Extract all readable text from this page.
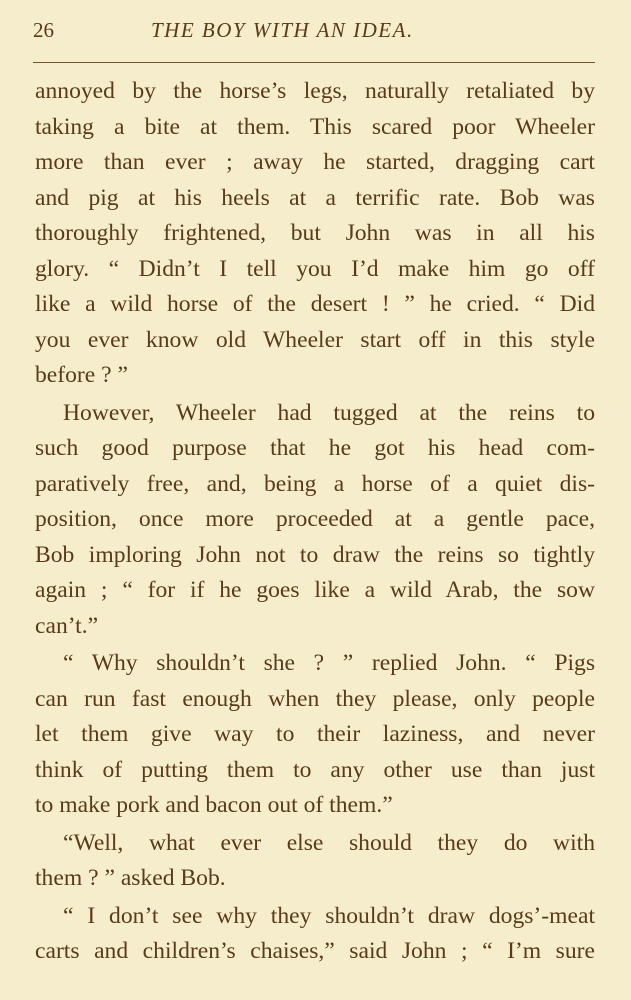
26	THE BOY WITH AN IDEA.
annoyed by the horse’s legs, naturally retaliated by
taking a bite at them. This scared poor Wheeler
more than ever ; away he started, dragging cart
and pig at his heels at a terrific rate. Bob was
thoroughly frightened, but John was in all his
glory. “ Didn’t I tell you I’d make him go off
like a wild horse of the desert ! ” he cried. “ Did
you ever know old Wheeler start off in this style
before ? ”
However, Wheeler had tugged at the reins to
such good purpose that he got his head com-
paratively free, and, being a horse of a quiet dis-
position, once more proceeded at a gentle pace,
Bob imploring John not to draw the reins so tightly
again ; “ for if he goes like a wild Arab, the sow
can’t.”
“ Why shouldn’t she ? ” replied John. “ Pigs
can run fast enough when they please, only people
let them give way to their laziness, and never
think of putting them to any other use than just
to make pork and bacon out of them.”
“Well, what ever else should they do with
them ? ” asked Bob.
“ I don’t see why they shouldn’t draw dogs’-meat
carts and children’s chaises,” said John ; “ I’m sure
